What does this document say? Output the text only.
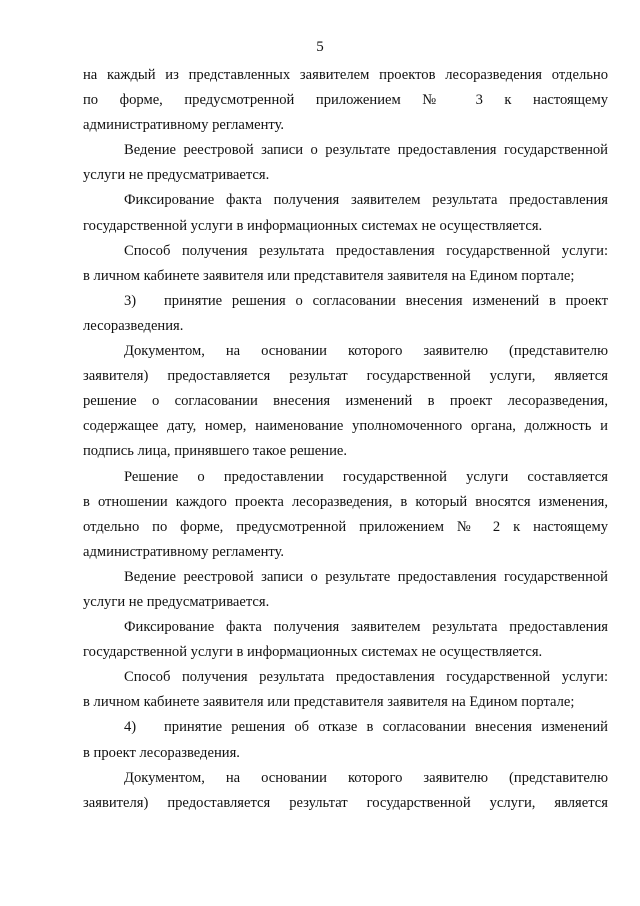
5
на каждый из представленных заявителем проектов лесоразведения отдельно
по форме, предусмотренной приложением № 3 к настоящему
административному регламенту.
Ведение реестровой записи о результате предоставления государственной
услуги не предусматривается.
Фиксирование факта получения заявителем результата предоставления
государственной услуги в информационных системах не осуществляется.
Способ получения результата предоставления государственной услуги:
в личном кабинете заявителя или представителя заявителя на Едином портале;
3) принятие решения о согласовании внесения изменений в проект
лесоразведения.
Документом, на основании которого заявителю (представителю
заявителя) предоставляется результат государственной услуги, является
решение о согласовании внесения изменений в проект лесоразведения,
содержащее дату, номер, наименование уполномоченного органа, должность и
подпись лица, принявшего такое решение.
Решение о предоставлении государственной услуги составляется
в отношении каждого проекта лесоразведения, в который вносятся изменения,
отдельно по форме, предусмотренной приложением № 2 к настоящему
административному регламенту.
Ведение реестровой записи о результате предоставления государственной
услуги не предусматривается.
Фиксирование факта получения заявителем результата предоставления
государственной услуги в информационных системах не осуществляется.
Способ получения результата предоставления государственной услуги:
в личном кабинете заявителя или представителя заявителя на Едином портале;
4) принятие решения об отказе в согласовании внесения изменений
в проект лесоразведения.
Документом, на основании которого заявителю (представителю
заявителя) предоставляется результат государственной услуги, является
